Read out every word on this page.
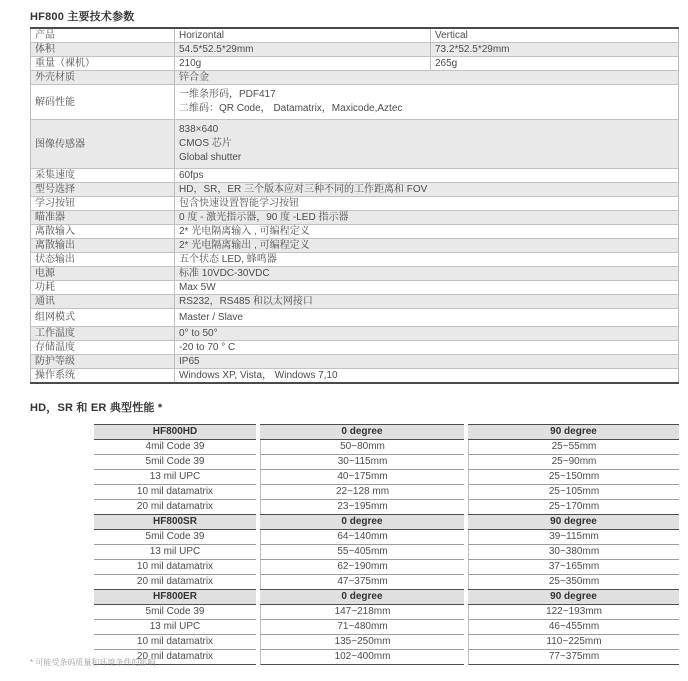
HF800 主要技术参数
产品	Horizontal	Vertical
体积	54.5*52.5*29mm	73.2*52.5*29mm
重量（裸机）	210g	265g
外壳材质	锌合金	
解码性能	一维条形码，PDF417
二维码：QR Code， Datamatrix，Maxicode,Aztec	

图像传感器	838×640
CMOS 芯片
Global shutter	

采集速度	60fps	
型号选择	HD，SR，ER 三个版本应对三种不同的工作距离和 FOV	
学习按钮	包含快速设置智能学习按钮	
瞄准器	0 度 - 激光指示器，90 度 -LED 指示器	
离散输入	2* 光电隔离输入 , 可编程定义	
离散输出	2* 光电隔离输出 , 可编程定义	
状态输出	五个状态 LED, 蜂鸣器	
电源	标准 10VDC-30VDC	
功耗	Max 5W	
通讯	RS232，RS485 和以太网接口	
组网模式	Master / Slave	
工作温度	0° to 50°	
存储温度	-20 to 70 ° C	
防护等级	IP65	
操作系统	Windows XP, Vista， Windows 7,10	
HD，SR 和 ER 典型性能 *
HF800HD	0 degree	90 degree
4mil Code 39	50~80mm	25~55mm
5mil Code 39	30~115mm	25~90mm
13 mil UPC	40~175mm	25~150mm
10 mil datamatrix	22~128 mm	25~105mm
20 mil datamatrix	23~195mm	25~170mm
HF800SR	0 degree	90 degree
5mil Code 39	64~140mm	39~115mm
13 mil UPC	55~405mm	30~380mm
10 mil datamatrix	62~190mm	37~165mm
20 mil datamatrix	47~375mm	25~350mm
HF800ER	0 degree	90 degree
5mil Code 39	147~218mm	122~193mm
13 mil UPC	71~480mm	46~455mm
10 mil datamatrix	135~250mm	110~225mm
20 mil datamatrix	102~400mm	77~375mm
* 可能受条码质量和环境条件的影响
